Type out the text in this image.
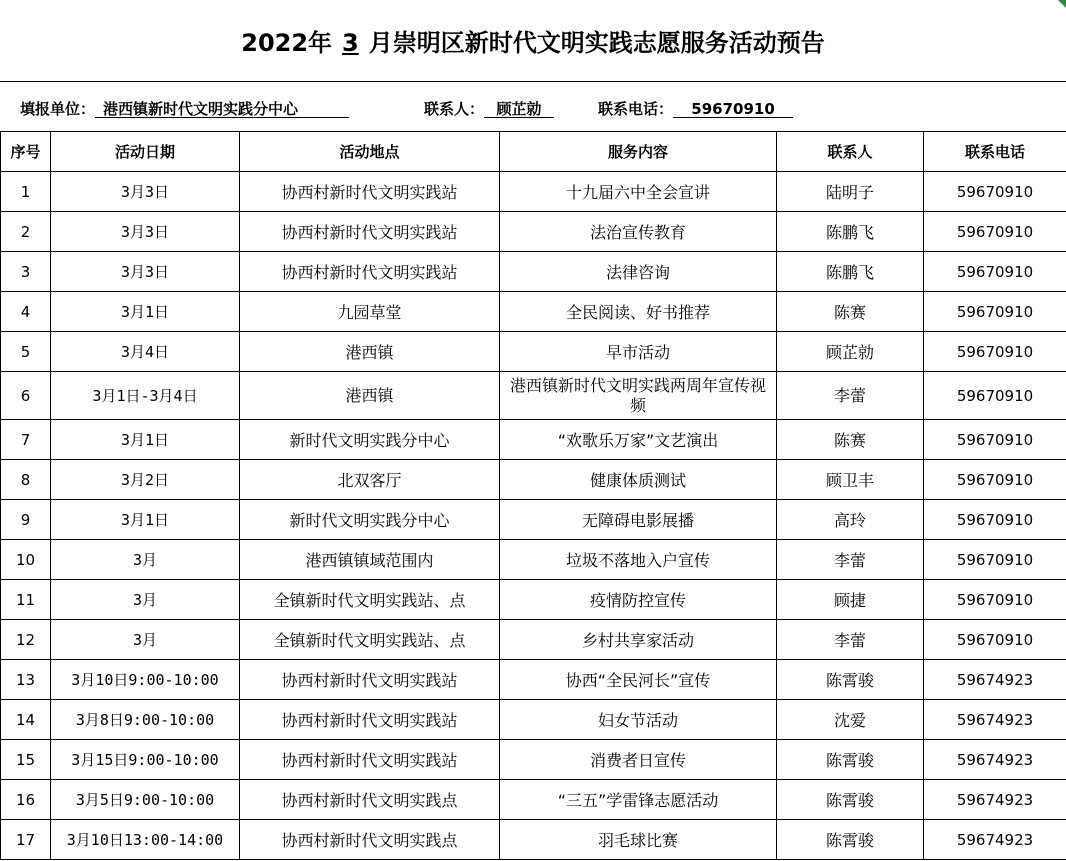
2022年 3 月崇明区新时代文明实践志愿服务活动预告
填报单位： 港西镇新时代文明实践分中心	联系人： 顾芷勍	联系电话： 59670910
序号	活动日期	活动地点	服务内容	联系人	联系电话
1	3月3日	协西村新时代文明实践站	十九届六中全会宣讲	陆明子	59670910
2	3月3日	协西村新时代文明实践站	法治宣传教育	陈鹏飞	59670910
3	3月3日	协西村新时代文明实践站	法律咨询	陈鹏飞	59670910
4	3月1日	九园草堂	全民阅读、好书推荐	陈赛	59670910
5	3月4日	港西镇	早市活动	顾芷勍	59670910
6	3月1日-3月4日	港西镇	港西镇新时代文明实践两周年宣传视频	李蕾	59670910
7	3月1日	新时代文明实践分中心	“欢歌乐万家”文艺演出	陈赛	59670910
8	3月2日	北双客厅	健康体质测试	顾卫丰	59670910
9	3月1日	新时代文明实践分中心	无障碍电影展播	高玲	59670910
10	3月	港西镇镇域范围内	垃圾不落地入户宣传	李蕾	59670910
11	3月	全镇新时代文明实践站、点	疫情防控宣传	顾捷	59670910
12	3月	全镇新时代文明实践站、点	乡村共享家活动	李蕾	59670910
13	3月10日9:00-10:00	协西村新时代文明实践站	协西“全民河长”宣传	陈霄骏	59674923
14	3月8日9:00-10:00	协西村新时代文明实践站	妇女节活动	沈爱	59674923
15	3月15日9:00-10:00	协西村新时代文明实践站	消费者日宣传	陈霄骏	59674923
16	3月5日9:00-10:00	协西村新时代文明实践点	“三五”学雷锋志愿活动	陈霄骏	59674923
17	3月10日13:00-14:00	协西村新时代文明实践点	羽毛球比赛	陈霄骏	59674923
